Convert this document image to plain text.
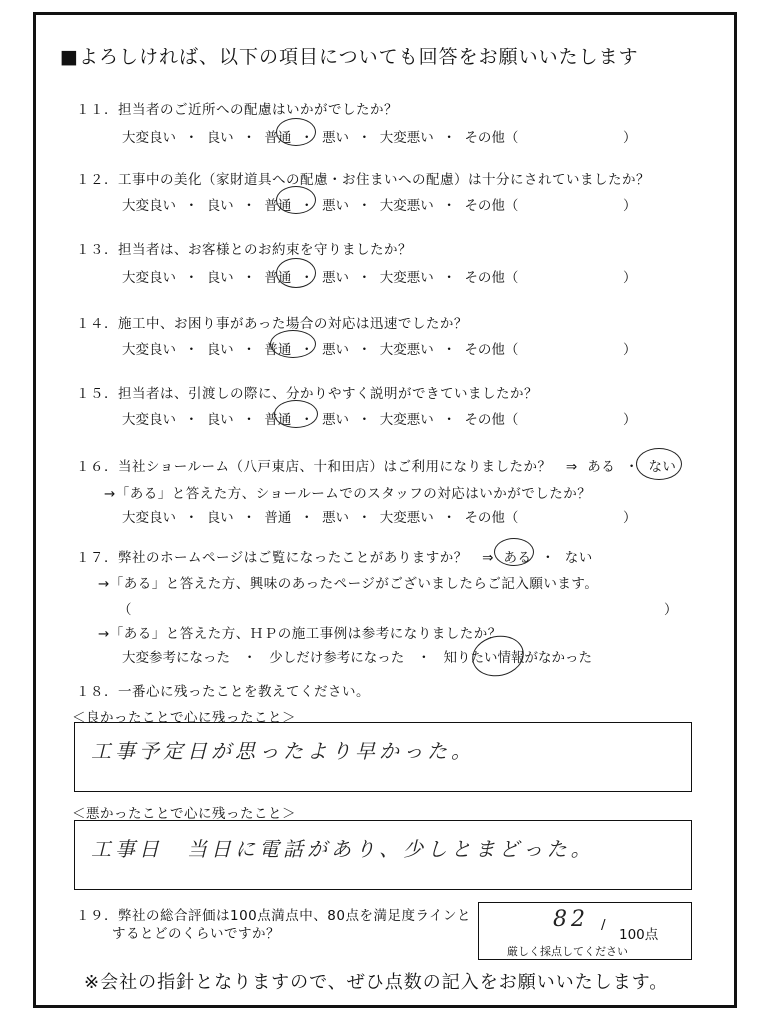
■よろしければ、以下の項目についても回答をお願いいたします
１１．担当者のご近所への配慮はいかがでしたか？
大変良い ・ 良い ・ 普通 ・ 悪い ・ 大変悪い ・ その他（	）
１２．工事中の美化（家財道具への配慮・お住まいへの配慮）は十分にされていましたか？
大変良い ・ 良い ・ 普通 ・ 悪い ・ 大変悪い ・ その他（	）
１３．担当者は、お客様とのお約束を守りましたか？
大変良い ・ 良い ・ 普通 ・ 悪い ・ 大変悪い ・ その他（	）
１４．施工中、お困り事があった場合の対応は迅速でしたか？
大変良い ・ 良い ・ 普通 ・ 悪い ・ 大変悪い ・ その他（	）
１５．担当者は、引渡しの際に、分かりやすく説明ができていましたか？
大変良い ・ 良い ・ 普通 ・ 悪い ・ 大変悪い ・ その他（	）
１６．当社ショールーム（八戸東店、十和田店）はご利用になりましたか？ ⇒ ある ・ ない
→「ある」と答えた方、ショールームでのスタッフの対応はいかがでしたか？
大変良い ・ 良い ・ 普通 ・ 悪い ・ 大変悪い ・ その他（	）
１７．弊社のホームページはご覧になったことがありますか？ ⇒ ある ・ ない
→「ある」と答えた方、興味のあったページがございましたらご記入願います。
（	）
→「ある」と答えた方、ＨＰの施工事例は参考になりましたか？
大変参考になった ・ 少しだけ参考になった ・ 知りたい情報がなかった
１８．一番心に残ったことを教えてください。
＜良かったことで心に残ったこと＞
工事予定日が思ったより早かった。
＜悪かったことで心に残ったこと＞
工事日　当日に電話があり、少しとまどった。
１９．弊社の総合評価は100点満点中、80点を満足度ラインと
するとどのくらいですか？
82 /
100点
厳しく採点してください
※会社の指針となりますので、ぜひ点数の記入をお願いいたします。
